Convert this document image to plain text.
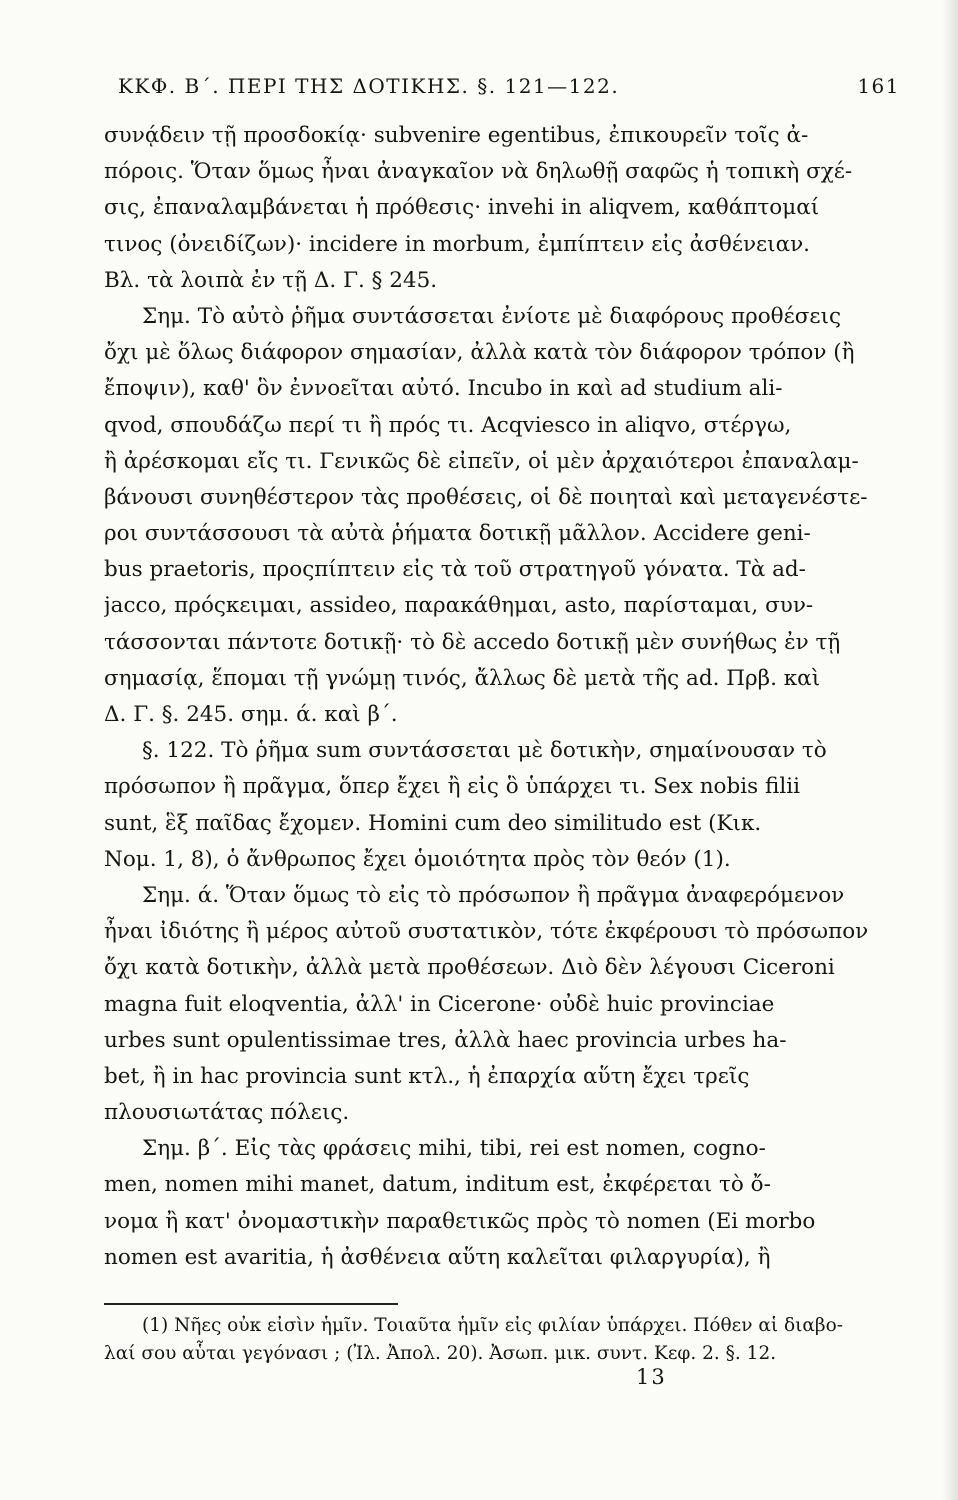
ΚΚΦ. Β΄. ΠΕΡΙ ΤΗΣ ΔΟΤΙΚΗΣ. §. 121—122.	161
συνᾴδειν τῇ προσδοκίᾳ· subvenire egentibus, ἐπικουρεῖν τοῖς ἀ-
πόροις. Ὅταν ὅμως ἦναι ἀναγκαῖον νὰ δηλωθῇ σαφῶς ἡ τοπικὴ σχέ-
σις, ἐπαναλαμβάνεται ἡ πρόθεσις· invehi in aliqvem, καθάπτομαί
τινος (ὀνειδίζων)· incidere in morbum, ἐμπίπτειν εἰς ἀσθένειαν.
Βλ. τὰ λοιπὰ ἐν τῇ Δ. Γ. § 245.
Σημ. Τὸ αὐτὸ ῥῆμα συντάσσεται ἐνίοτε μὲ διαφόρους προθέσεις
ὄχι μὲ ὅλως διάφορον σημασίαν, ἀλλὰ κατὰ τὸν διάφορον τρόπον (ἢ
ἔποψιν), καθ' ὃν ἐννοεῖται αὐτό. Incubo in καὶ ad studium ali-
qvod, σπουδάζω περί τι ἢ πρός τι. Acqviesco in aliqvo, στέργω,
ἢ ἀρέσκομαι εἴς τι. Γενικῶς δὲ εἰπεῖν, οἱ μὲν ἀρχαιότεροι ἐπαναλαμ-
βάνουσι συνηθέστερον τὰς προθέσεις, οἱ δὲ ποιηταὶ καὶ μεταγενέστε-
ροι συντάσσουσι τὰ αὐτὰ ῥήματα δοτικῇ μᾶλλον. Accidere geni-
bus praetoris, προςπίπτειν εἰς τὰ τοῦ στρατηγοῦ γόνατα. Τὰ ad-
jacco, πρόςκειμαι, assideo, παρακάθημαι, asto, παρίσταμαι, συν-
τάσσονται πάντοτε δοτικῇ· τὸ δὲ accedo δοτικῇ μὲν συνήθως ἐν τῇ
σημασίᾳ, ἕπομαι τῇ γνώμῃ τινός, ἄλλως δὲ μετὰ τῆς ad. Πρβ. καὶ
Δ. Γ. §. 245. σημ. ά. καὶ β΄.
§. 122. Τὸ ῥῆμα sum συντάσσεται μὲ δοτικὴν, σημαίνουσαν τὸ
πρόσωπον ἢ πρᾶγμα, ὅπερ ἔχει ἢ εἰς ὃ ὑπάρχει τι. Sex nobis filii
sunt, ἓξ παῖδας ἔχομεν. Homini cum deo similitudo est (Κικ.
Νομ. 1, 8), ὁ ἄνθρωπος ἔχει ὁμοιότητα πρὸς τὸν θεόν (1).
Σημ. ά. Ὅταν ὅμως τὸ εἰς τὸ πρόσωπον ἢ πρᾶγμα ἀναφερόμενον
ἦναι ἰδιότης ἢ μέρος αὐτοῦ συστατικὸν, τότε ἐκφέρουσι τὸ πρόσωπον
ὄχι κατὰ δοτικὴν, ἀλλὰ μετὰ προθέσεων. Διὸ δὲν λέγουσι Ciceroni
magna fuit eloqventia, ἀλλ' in Cicerone· οὐδὲ huic provinciae
urbes sunt opulentissimae tres, ἀλλὰ haec provincia urbes ha-
bet, ἢ in hac provincia sunt κτλ., ἡ ἐπαρχία αὕτη ἔχει τρεῖς
πλουσιωτάτας πόλεις.
Σημ. β΄. Εἰς τὰς φράσεις mihi, tibi, rei est nomen, cogno-
men, nomen mihi manet, datum, inditum est, ἐκφέρεται τὸ ὄ-
νομα ἢ κατ' ὀνομαστικὴν παραθετικῶς πρὸς τὸ nomen (Ei morbo
nomen est avaritia, ἡ ἀσθένεια αὕτη καλεῖται φιλαργυρία), ἢ
(1) Νῆες οὐκ εἰσὶν ἡμῖν. Τοιαῦτα ἡμῖν εἰς φιλίαν ὑπάρχει. Πόθεν αἱ διαβο-
λαί σου αὗται γεγόνασι ; (Ἰλ. Ἀπολ. 20). Ἀσωπ. μικ. συντ. Κεφ. 2. §. 12.
13
